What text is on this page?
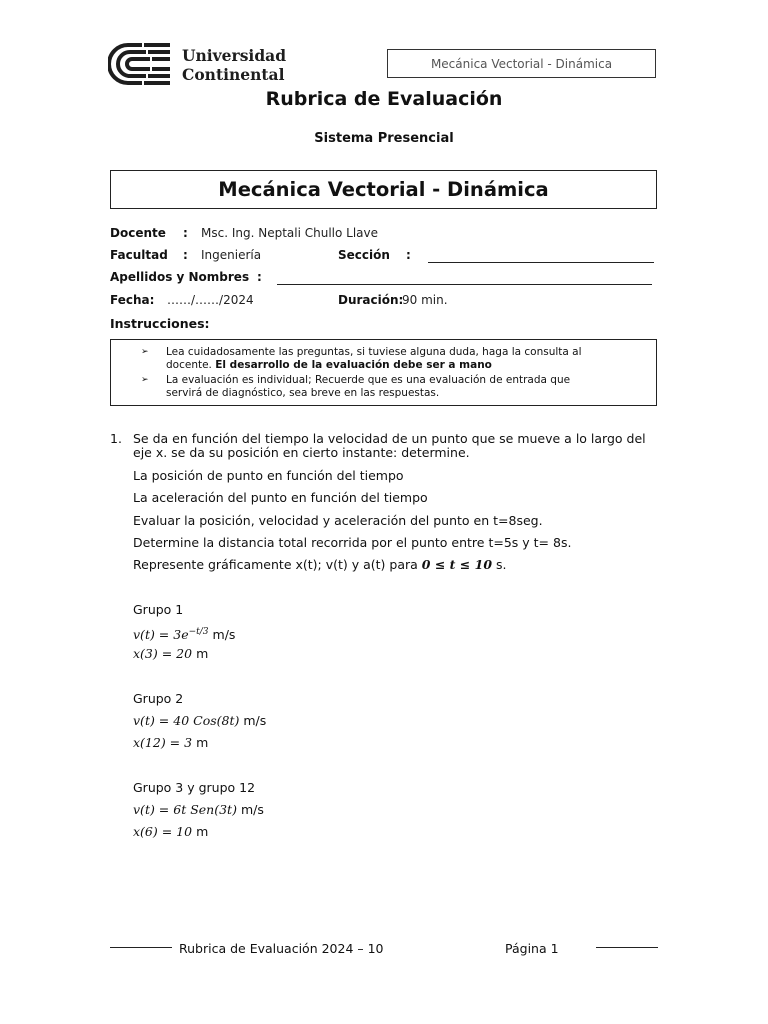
Universidad
Continental
Mecánica Vectorial - Dinámica
Rubrica de Evaluación
Sistema Presencial
Mecánica Vectorial - Dinámica
Docente : Msc. Ing. Neptali Chullo Llave
Facultad : Ingeniería	Sección :
Apellidos y Nombres :
Fecha: ……/……/2024	Duración:
90 min.
Instrucciones:
➢ Lea cuidadosamente las preguntas, si tuviese alguna duda, haga la consulta al
docente. El desarrollo de la evaluación debe ser a mano
➢ La evaluación es individual; Recuerde que es una evaluación de entrada que
servirá de diagnóstico, sea breve en las respuestas.
1. Se da en función del tiempo la velocidad de un punto que se mueve a lo largo del
eje x. se da su posición en cierto instante: determine.
La posición de punto en función del tiempo
La aceleración del punto en función del tiempo
Evaluar la posición, velocidad y aceleración del punto en t=8seg.
Determine la distancia total recorrida por el punto entre t=5s y t= 8s.
Represente gráficamente x(t); v(t) y a(t) para 0 ≤ t ≤ 10 s.
Grupo 1
$v(t) = 3e^{-t/3}$ m/s
x(3) = 20 m
Grupo 2
v(t) = 40 Cos(8t) m/s
x(12) = 3 m
Grupo 3 y grupo 12
v(t) = 6t Sen(3t) m/s
x(6) = 10 m
Rubrica de Evaluación 2024 – 10	Página 1
